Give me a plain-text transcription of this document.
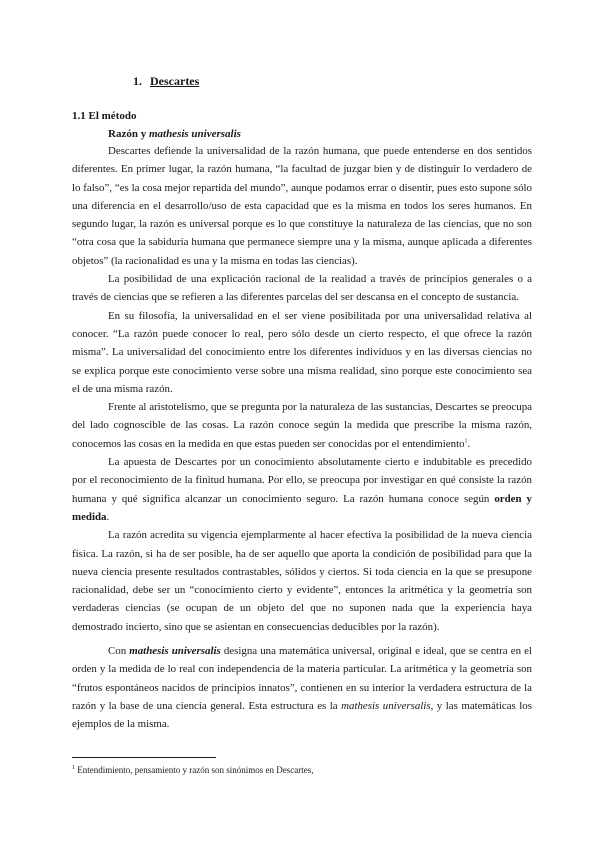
1. Descartes
1.1 El método
Razón y mathesis universalis

Descartes defiende la universalidad de la razón humana, que puede entenderse en dos sentidos diferentes. En primer lugar, la razón humana, “la facultad de juzgar bien y de distinguir lo verdadero de lo falso”, “es la cosa mejor repartida del mundo”, aunque podamos errar o disentir, pues esto supone sólo una diferencia en el desarrollo/uso de esta capacidad que es la misma en todos los seres humanos. En segundo lugar, la razón es universal porque es lo que constituye la naturaleza de las ciencias, que no son “otra cosa que la sabiduría humana que permanece siempre una y la misma, aunque aplicada a diferentes objetos” (la racionalidad es una y la misma en todas las ciencias).

La posibilidad de una explicación racional de la realidad a través de principios generales o a través de ciencias que se refieren a las diferentes parcelas del ser descansa en el concepto de sustancia.

En su filosofía, la universalidad en el ser viene posibilitada por una universalidad relativa al conocer. “La razón puede conocer lo real, pero sólo desde un cierto respecto, el que ofrece la razón misma”. La universalidad del conocimiento entre los diferentes individuos y en las diversas ciencias no se explica porque este conocimiento verse sobre una misma realidad, sino porque este conocimiento sea el de una misma razón.

Frente al aristotelismo, que se pregunta por la naturaleza de las sustancias, Descartes se preocupa del lado cognoscible de las cosas. La razón conoce según la medida que prescribe la misma razón, conocemos las cosas en la medida en que estas pueden ser conocidas por el entendimiento$^1$.

La apuesta de Descartes por un conocimiento absolutamente cierto e indubitable es precedido por el reconocimiento de la finitud humana. Por ello, se preocupa por investigar en qué consiste la razón humana y qué significa alcanzar un conocimiento seguro. La razón humana conoce según orden y medida.

La razón acredita su vigencia ejemplarmente al hacer efectiva la posibilidad de la nueva ciencia física. La razón, si ha de ser posible, ha de ser aquello que aporta la condición de posibilidad para que la nueva ciencia presente resultados contrastables, sólidos y ciertos. Si toda ciencia en la que se presupone racionalidad, debe ser un “conocimiento cierto y evidente”, entonces la aritmética y la geometría son verdaderas ciencias (se ocupan de un objeto del que no suponen nada que la experiencia haya demostrado incierto, sino que se asientan en consecuencias deducibles por la razón).

Con mathesis universalis designa una matemática universal, original e ideal, que se centra en el orden y la medida de lo real con independencia de la materia particular. La aritmética y la geometría son “frutos espontáneos nacidos de principios innatos”, contienen en su interior la verdadera estructura de la razón y la base de una ciencia general. Esta estructura es la mathesis universalis, y las matemáticas los ejemplos de la misma.

$^1$ Entendimiento, pensamiento y razón son sinónimos en Descartes,
